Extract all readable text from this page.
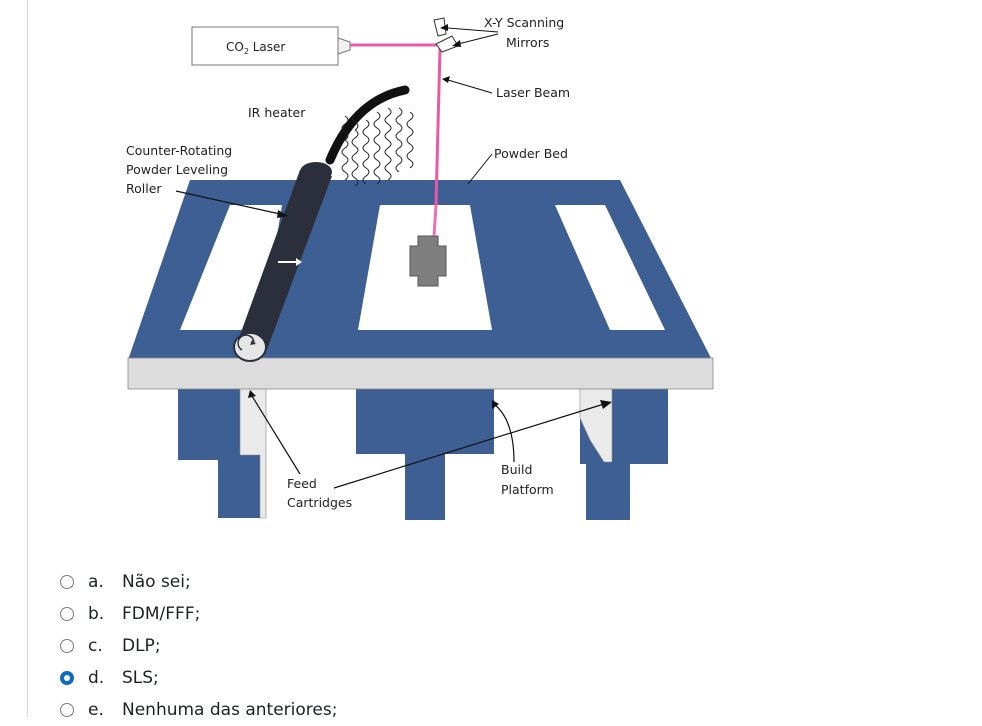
$CO_2$ Laser
X-Y Scanning
Mirrors
Laser Beam
IR heater
Counter-Rotating
Powder Leveling
Roller
Powder Bed
Build
Platform
Feed
Cartridges
a.	Não sei;
b.	FDM/FFF;
c.	DLP;
d.	SLS;
e.	Nenhuma das anteriores;
